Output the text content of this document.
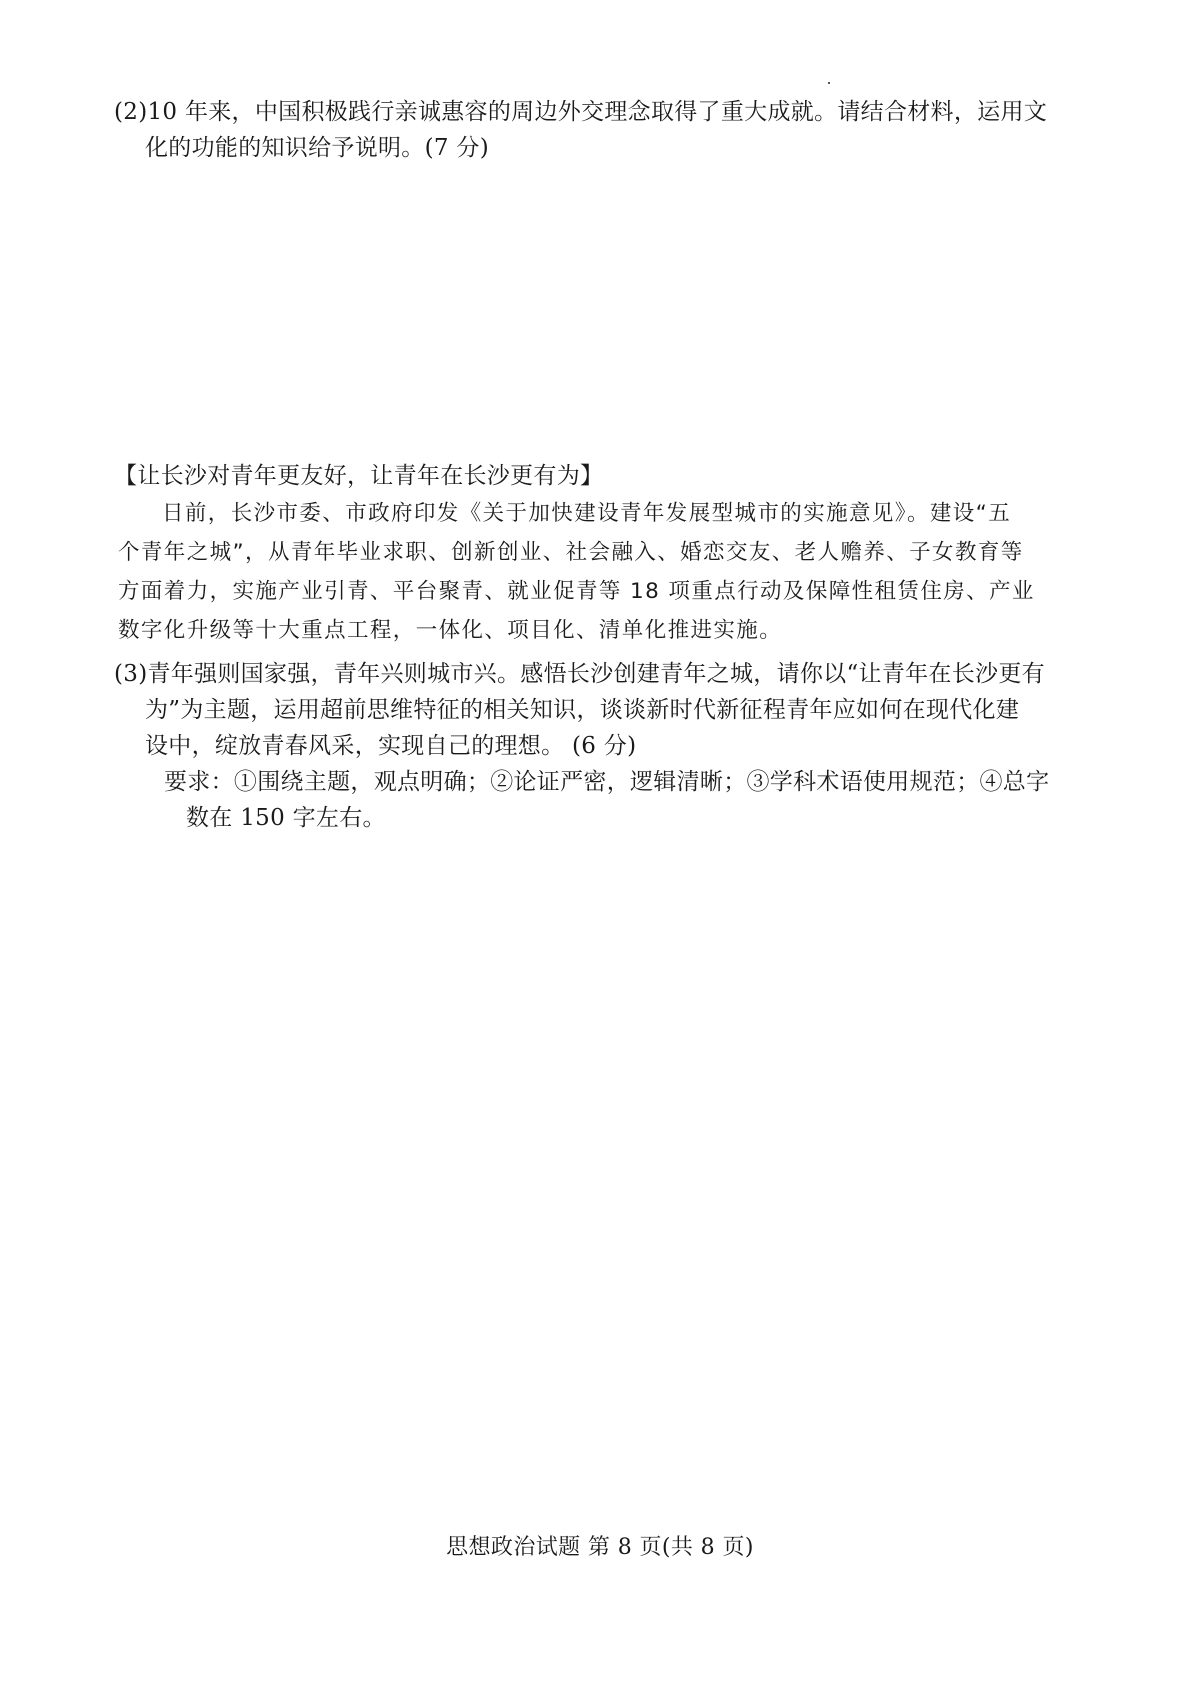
(2)10 年来，中国积极践行亲诚惠容的周边外交理念取得了重大成就。请结合材料，运用文
化的功能的知识给予说明。(7 分)
【让长沙对青年更友好，让青年在长沙更有为】
日前，长沙市委、市政府印发《关于加快建设青年发展型城市的实施意见》。建设“五
个青年之城”，从青年毕业求职、创新创业、社会融入、婚恋交友、老人赡养、子女教育等
方面着力，实施产业引青、平台聚青、就业促青等 18 项重点行动及保障性租赁住房、产业
数字化升级等十大重点工程，一体化、项目化、清单化推进实施。
(3)青年强则国家强，青年兴则城市兴。感悟长沙创建青年之城，请你以“让青年在长沙更有
为”为主题，运用超前思维特征的相关知识，谈谈新时代新征程青年应如何在现代化建
设中，绽放青春风采，实现自己的理想。 (6 分)
要求：①围绕主题，观点明确；②论证严密，逻辑清晰；③学科术语使用规范；④总字
数在 150 字左右。
思想政治试题 第 8 页(共 8 页)
